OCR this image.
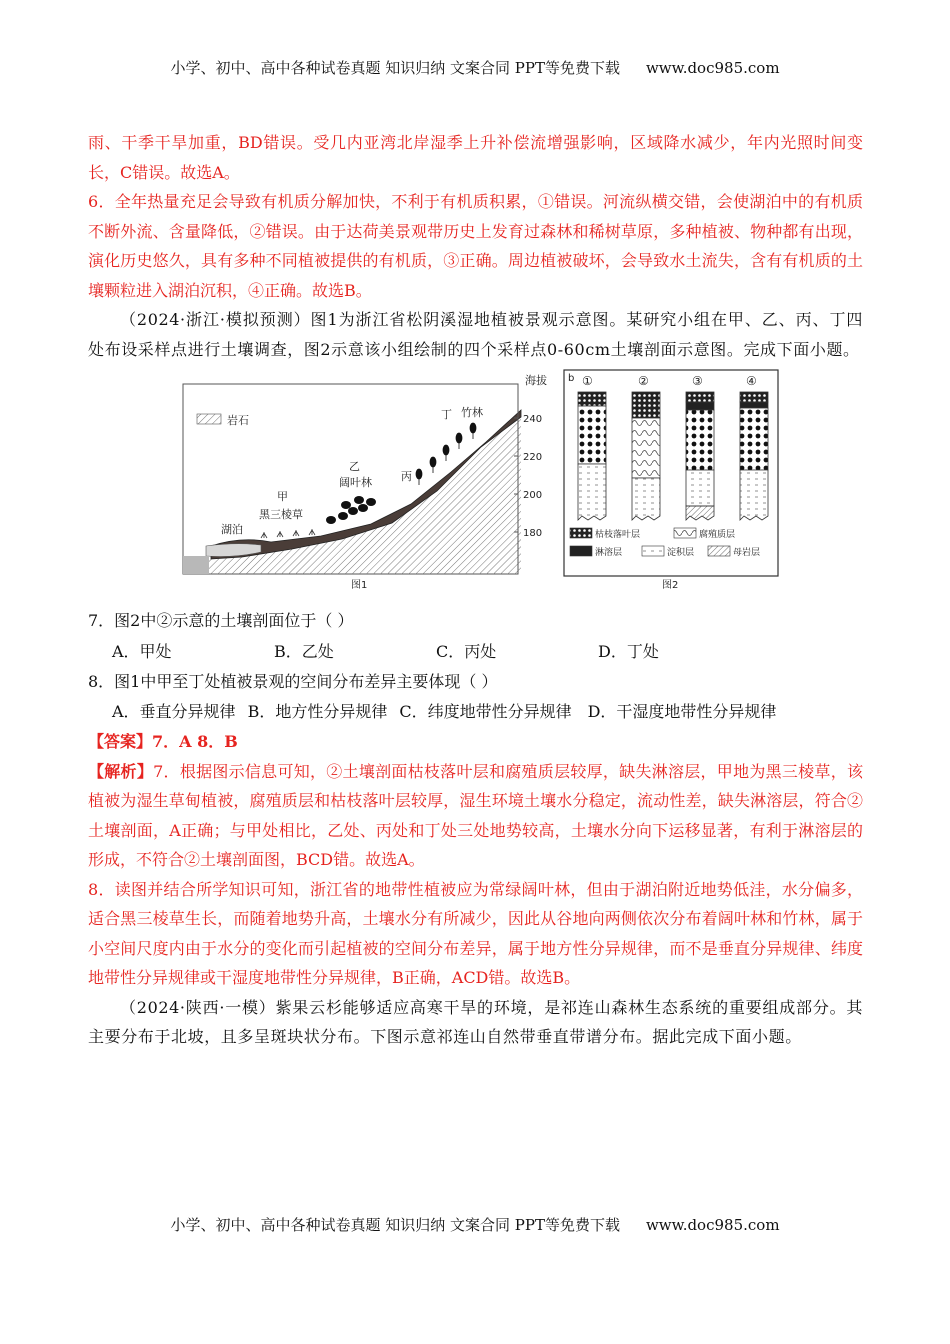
小学、初中、高中各种试卷真题 知识归纳 文案合同 PPT等免费下载 www.doc985.com

雨、干季干旱加重，BD错误。受几内亚湾北岸湿季上升补偿流增强影响，区域降水减少，年内光照时间变长，C错误。故选A。

6．全年热量充足会导致有机质分解加快，不利于有机质积累，①错误。河流纵横交错，会使湖泊中的有机质不断外流、含量降低，②错误。由于达荷美景观带历史上发育过森林和稀树草原，多种植被、物种都有出现，演化历史悠久，具有多种不同植被提供的有机质，③正确。周边植被破坏，会导致水土流失，含有有机质的土壤颗粒进入湖泊沉积，④正确。故选B。

（2024·浙江·模拟预测）图1为浙江省松阴溪湿地植被景观示意图。某研究小组在甲、乙、丙、丁四处布设采样点进行土壤调查，图2示意该小组绘制的四个采样点0-60cm土壤剖面示意图。完成下面小题。

岩石
海拔
240
220
200
180
湖泊
甲
黑三棱草
乙
阔叶林	丙
丁 竹林
图1
b ①	②	③	④
枯枝落叶层	腐殖质层
淋溶层	淀积层	母岩层
图2

7．图2中②示意的土壤剖面位于（ ）

A．甲处	B．乙处	C．丙处	D．丁处

8．图1中甲至丁处植被景观的空间分布差异主要体现（ ）

A．垂直分异规律 B．地方性分异规律 C．纬度地带性分异规律 D．干湿度地带性分异规律

【答案】7．A 8．B

【解析】7．根据图示信息可知，②土壤剖面枯枝落叶层和腐殖质层较厚，缺失淋溶层，甲地为黑三棱草，该植被为湿生草甸植被，腐殖质层和枯枝落叶层较厚，湿生环境土壤水分稳定，流动性差，缺失淋溶层，符合②土壤剖面，A正确；与甲处相比，乙处、丙处和丁处三处地势较高，土壤水分向下运移显著，有利于淋溶层的形成，不符合②土壤剖面图，BCD错。故选A。

8．读图并结合所学知识可知，浙江省的地带性植被应为常绿阔叶林，但由于湖泊附近地势低洼，水分偏多，适合黑三棱草生长，而随着地势升高，土壤水分有所减少，因此从谷地向两侧依次分布着阔叶林和竹林，属于小空间尺度内由于水分的变化而引起植被的空间分布差异，属于地方性分异规律，而不是垂直分异规律、纬度地带性分异规律或干湿度地带性分异规律，B正确，ACD错。故选B。

（2024·陕西·一模）紫果云杉能够适应高寒干旱的环境，是祁连山森林生态系统的重要组成部分。其主要分布于北坡，且多呈斑块状分布。下图示意祁连山自然带垂直带谱分布。据此完成下面小题。

小学、初中、高中各种试卷真题 知识归纳 文案合同 PPT等免费下载 www.doc985.com
